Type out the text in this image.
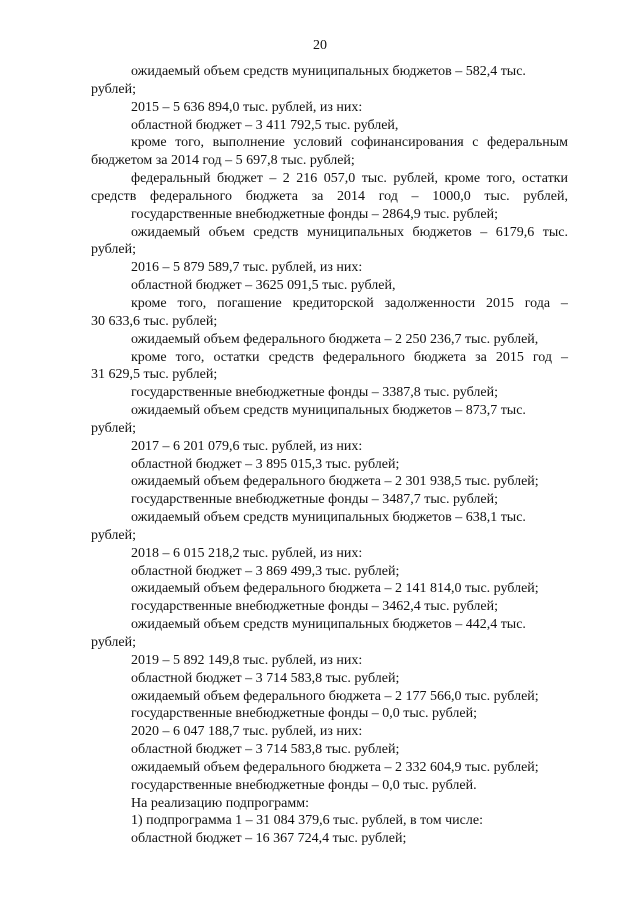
20
ожидаемый объем средств муниципальных бюджетов – 582,4 тыс.
рублей;
2015 – 5 636 894,0 тыс. рублей, из них:
областной бюджет – 3 411 792,5 тыс. рублей,
кроме того, выполнение условий софинансирования с федеральным
бюджетом за 2014 год – 5 697,8 тыс. рублей;
федеральный бюджет – 2 216 057,0 тыс. рублей, кроме того, остатки
средств федерального бюджета за 2014 год – 1000,0 тыс. рублей,
государственные внебюджетные фонды – 2864,9 тыс. рублей;
ожидаемый объем средств муниципальных бюджетов – 6179,6 тыс.
рублей;
2016 – 5 879 589,7 тыс. рублей, из них:
областной бюджет – 3625 091,5 тыс. рублей,
кроме того, погашение кредиторской задолженности 2015 года –
30 633,6 тыс. рублей;
ожидаемый объем федерального бюджета – 2 250 236,7 тыс. рублей,
кроме того, остатки средств федерального бюджета за 2015 год –
31 629,5 тыс. рублей;
государственные внебюджетные фонды – 3387,8 тыс. рублей;
ожидаемый объем средств муниципальных бюджетов – 873,7 тыс.
рублей;
2017 – 6 201 079,6 тыс. рублей, из них:
областной бюджет – 3 895 015,3 тыс. рублей;
ожидаемый объем федерального бюджета – 2 301 938,5 тыс. рублей;
государственные внебюджетные фонды – 3487,7 тыс. рублей;
ожидаемый объем средств муниципальных бюджетов – 638,1 тыс.
рублей;
2018 – 6 015 218,2 тыс. рублей, из них:
областной бюджет – 3 869 499,3 тыс. рублей;
ожидаемый объем федерального бюджета – 2 141 814,0 тыс. рублей;
государственные внебюджетные фонды – 3462,4 тыс. рублей;
ожидаемый объем средств муниципальных бюджетов – 442,4 тыс.
рублей;
2019 – 5 892 149,8 тыс. рублей, из них:
областной бюджет – 3 714 583,8 тыс. рублей;
ожидаемый объем федерального бюджета – 2 177 566,0 тыс. рублей;
государственные внебюджетные фонды – 0,0 тыс. рублей;
2020 – 6 047 188,7 тыс. рублей, из них:
областной бюджет – 3 714 583,8 тыс. рублей;
ожидаемый объем федерального бюджета – 2 332 604,9 тыс. рублей;
государственные внебюджетные фонды – 0,0 тыс. рублей.
На реализацию подпрограмм:
1) подпрограмма 1 – 31 084 379,6 тыс. рублей, в том числе:
областной бюджет – 16 367 724,4 тыс. рублей;
